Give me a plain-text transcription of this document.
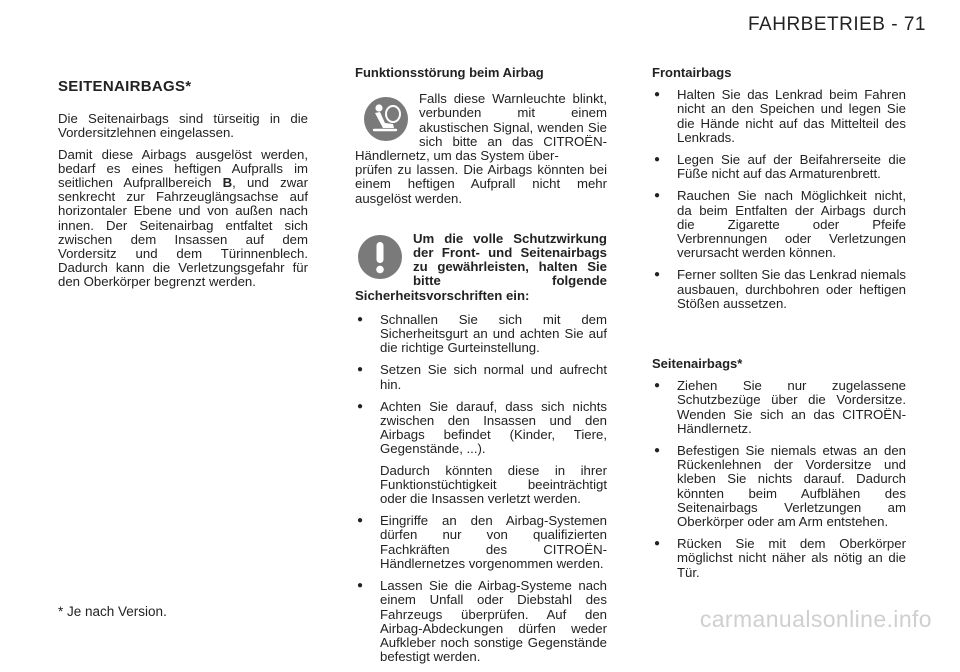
FAHRBETRIEB - 71
SEITENAIRBAGS*

Die Seitenairbags sind türseitig in die Vordersitzlehnen eingelassen.

Damit diese Airbags ausgelöst werden, bedarf es eines heftigen Aufpralls im seitlichen Aufprallbereich B, und zwar senkrecht zur Fahrzeuglängsachse auf horizontaler Ebene und von außen nach innen. Der Seitenairbag entfaltet sich zwischen dem Insassen auf dem Vordersitz und dem Türinnenblech. Dadurch kann die Verletzungsgefahr für den Oberkörper begrenzt werden.

Funktionsstörung beim Airbag
Falls diese Warnleuchte blinkt, verbunden mit einem akustischen Signal, wenden Sie sich bitte an das CITROËN-Händlernetz, um das System über-
prüfen zu lassen. Die Airbags könnten bei einem heftigen Aufprall nicht mehr ausgelöst werden.
Um die volle Schutzwirkung der Front- und Seitenairbags zu gewährleisten, halten Sie bitte folgende Sicherheitsvorschriften ein:
● Schnallen Sie sich mit dem Sicherheitsgurt an und achten Sie auf die richtige Gurteinstellung.
● Setzen Sie sich normal und aufrecht hin.
● Achten Sie darauf, dass sich nichts zwischen den Insassen und den Airbags befindet (Kinder, Tiere, Gegenstände, ...).
Dadurch könnten diese in ihrer Funktionstüchtigkeit beeinträchtigt oder die Insassen verletzt werden.
● Eingriffe an den Airbag-Systemen dürfen nur von qualifizierten Fachkräften des CITROËN-Händlernetzes vorgenommen werden.
● Lassen Sie die Airbag-Systeme nach einem Unfall oder Diebstahl des Fahrzeugs überprüfen. Auf den Airbag-Abdeckungen dürfen weder Aufkleber noch sonstige Gegenstände befestigt werden.
Frontairbags
● Halten Sie das Lenkrad beim Fahren nicht an den Speichen und legen Sie die Hände nicht auf das Mittelteil des Lenkrads.
● Legen Sie auf der Beifahrerseite die Füße nicht auf das Armaturenbrett.
● Rauchen Sie nach Möglichkeit nicht, da beim Entfalten der Airbags durch die Zigarette oder Pfeife Verbrennungen oder Verletzungen verursacht werden können.
● Ferner sollten Sie das Lenkrad niemals ausbauen, durchbohren oder heftigen Stößen aussetzen.
Seitenairbags*
● Ziehen Sie nur zugelassene Schutzbezüge über die Vordersitze. Wenden Sie sich an das CITROËN-Händlernetz.
● Befestigen Sie niemals etwas an den Rückenlehnen der Vordersitze und kleben Sie nichts darauf. Dadurch könnten beim Aufblähen des Seitenairbags Verletzungen am Oberkörper oder am Arm entstehen.
● Rücken Sie mit dem Oberkörper möglichst nicht näher als nötig an die Tür.
* Je nach Version.	carmanualsonline.info
